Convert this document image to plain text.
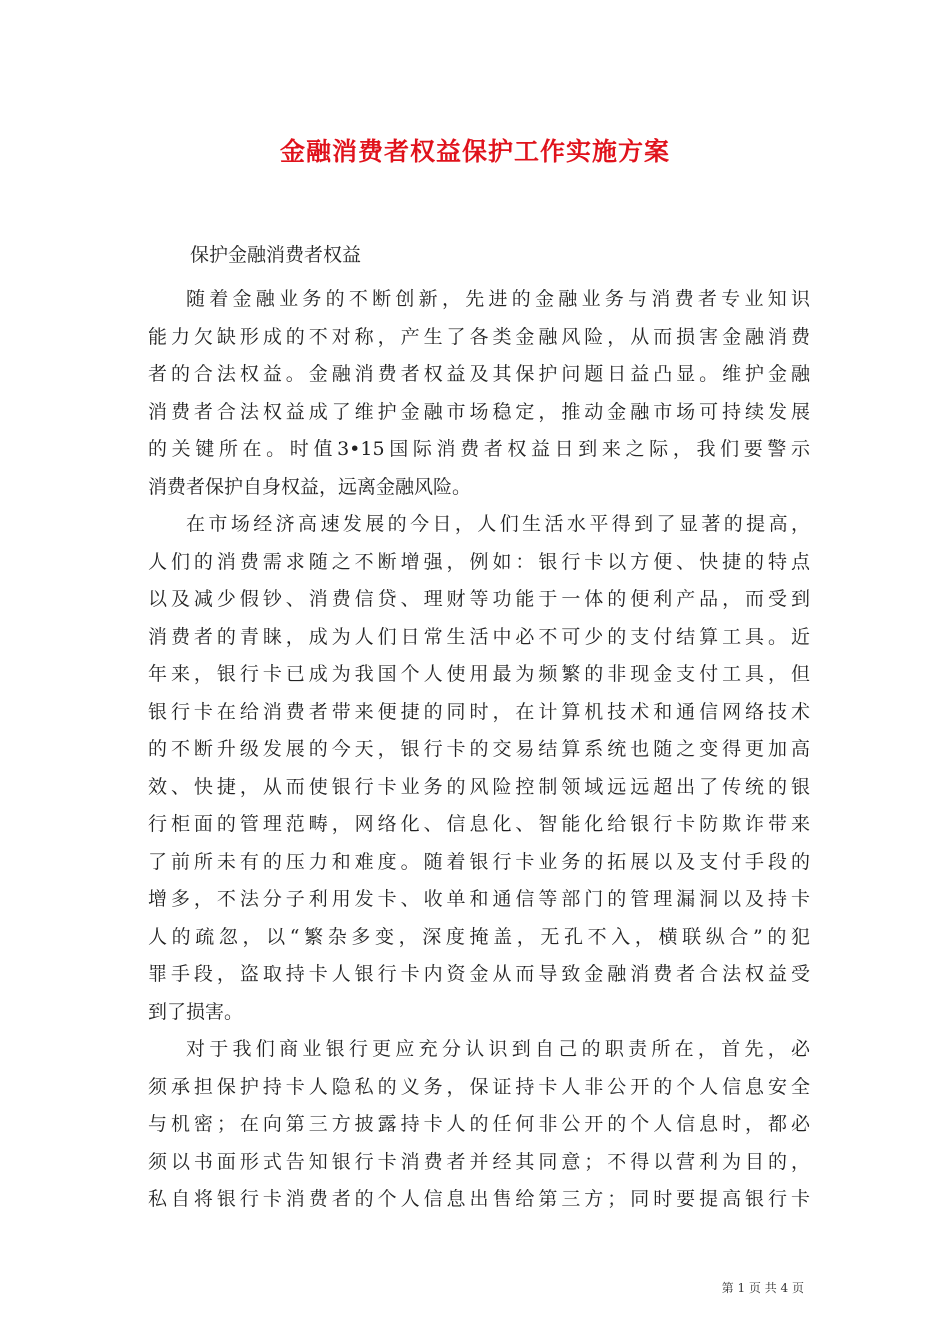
金融消费者权益保护工作实施方案

保护金融消费者权益

随着金融业务的不断创新，先进的金融业务与消费者专业知识
能力欠缺形成的不对称，产生了各类金融风险，从而损害金融消费
者的合法权益。金融消费者权益及其保护问题日益凸显。维护金融
消费者合法权益成了维护金融市场稳定，推动金融市场可持续发展
的关键所在。时值3•15国际消费者权益日到来之际，我们要警示
消费者保护自身权益，远离金融风险。
在市场经济高速发展的今日，人们生活水平得到了显著的提高，
人们的消费需求随之不断增强，例如：银行卡以方便、快捷的特点
以及减少假钞、消费信贷、理财等功能于一体的便利产品，而受到
消费者的青睐，成为人们日常生活中必不可少的支付结算工具。近
年来，银行卡已成为我国个人使用最为频繁的非现金支付工具，但
银行卡在给消费者带来便捷的同时，在计算机技术和通信网络技术
的不断升级发展的今天，银行卡的交易结算系统也随之变得更加高
效、快捷，从而使银行卡业务的风险控制领域远远超出了传统的银
行柜面的管理范畴，网络化、信息化、智能化给银行卡防欺诈带来
了前所未有的压力和难度。随着银行卡业务的拓展以及支付手段的
增多，不法分子利用发卡、收单和通信等部门的管理漏洞以及持卡
人的疏忽，以“繁杂多变，深度掩盖，无孔不入，横联纵合”的犯
罪手段，盗取持卡人银行卡内资金从而导致金融消费者合法权益受
到了损害。
对于我们商业银行更应充分认识到自己的职责所在，首先，必
须承担保护持卡人隐私的义务，保证持卡人非公开的个人信息安全
与机密；在向第三方披露持卡人的任何非公开的个人信息时，都必
须以书面形式告知银行卡消费者并经其同意；不得以营利为目的，
私自将银行卡消费者的个人信息出售给第三方；同时要提高银行卡

第 1 页 共 4 页
